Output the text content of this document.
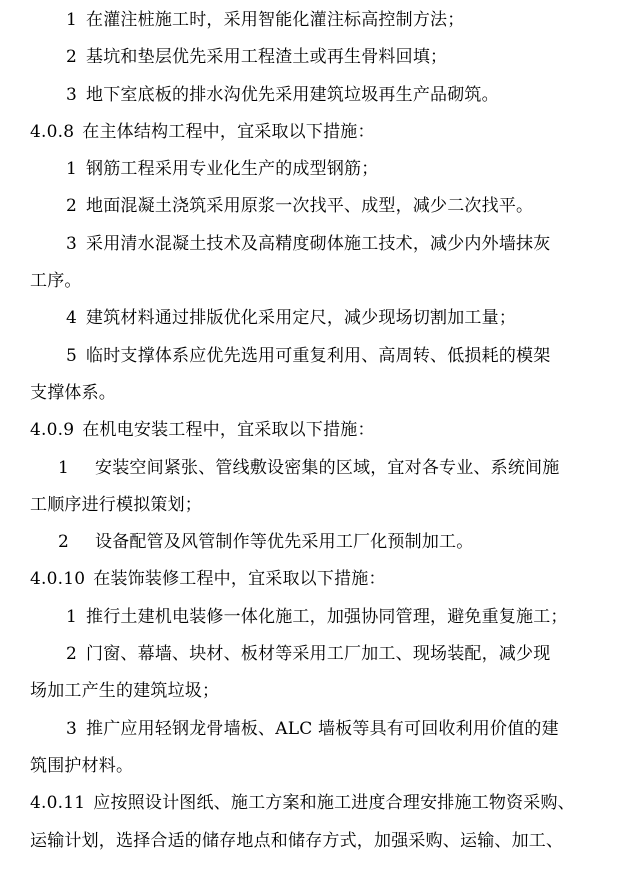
1 在灌注桩施工时，采用智能化灌注标高控制方法；
2 基坑和垫层优先采用工程渣土或再生骨料回填；
3 地下室底板的排水沟优先采用建筑垃圾再生产品砌筑。
4.0.8 在主体结构工程中，宜采取以下措施：
1 钢筋工程采用专业化生产的成型钢筋；
2 地面混凝土浇筑采用原浆一次找平、成型，减少二次找平。
3 采用清水混凝土技术及高精度砌体施工技术，减少内外墙抹灰
工序。
4 建筑材料通过排版优化采用定尺，减少现场切割加工量；
5 临时支撑体系应优先选用可重复利用、高周转、低损耗的模架
支撑体系。
4.0.9 在机电安装工程中，宜采取以下措施：
1 安装空间紧张、管线敷设密集的区域，宜对各专业、系统间施
工顺序进行模拟策划；
2 设备配管及风管制作等优先采用工厂化预制加工。
4.0.10 在装饰装修工程中，宜采取以下措施：
1 推行土建机电装修一体化施工，加强协同管理，避免重复施工；
2 门窗、幕墙、块材、板材等采用工厂加工、现场装配，减少现
场加工产生的建筑垃圾；
3 推广应用轻钢龙骨墙板、ALC 墙板等具有可回收利用价值的建
筑围护材料。
4.0.11 应按照设计图纸、施工方案和施工进度合理安排施工物资采购、
运输计划，选择合适的储存地点和储存方式，加强采购、运输、加工、
